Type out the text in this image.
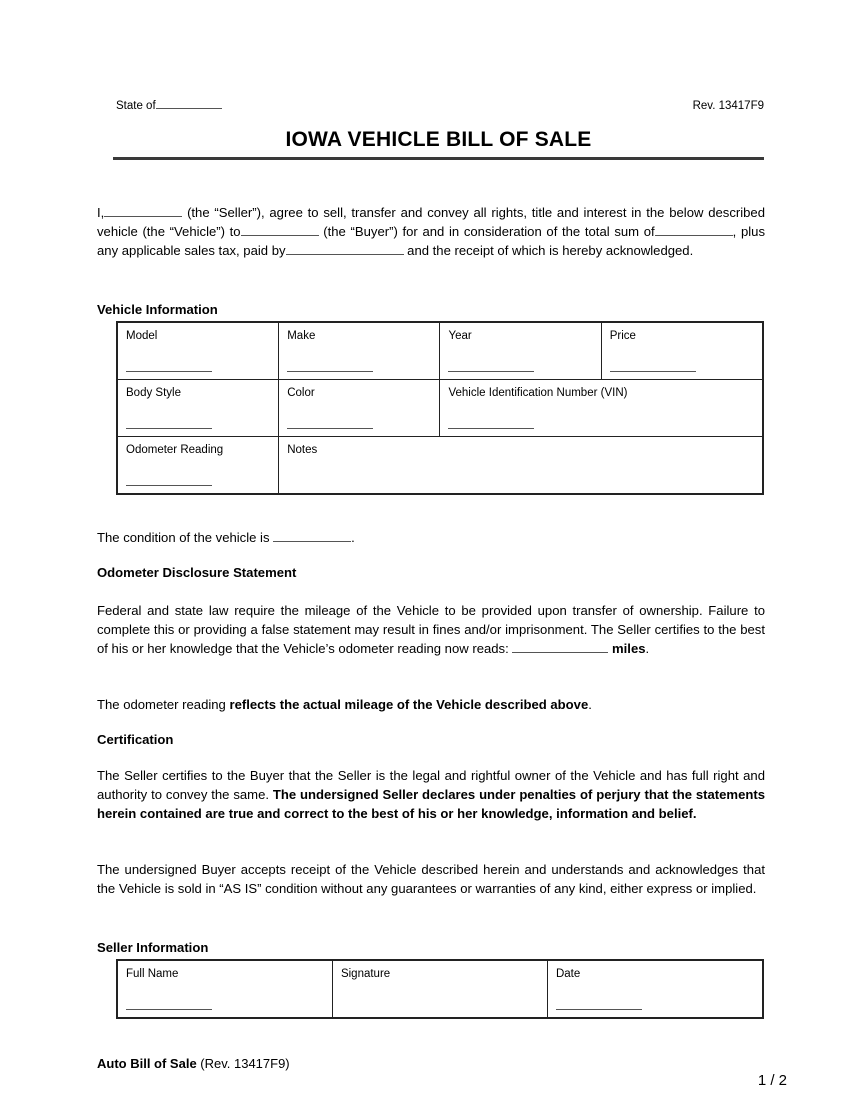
State of	Rev. 13417F9
IOWA VEHICLE BILL OF SALE
I,	(the “Seller”), agree to sell, transfer and convey all rights, title and interest in the below described vehicle (the “Vehicle”) to	(the “Buyer”) for and in consideration of the total sum of	, plus any applicable sales tax, paid by	and the receipt of which is hereby acknowledged.
Vehicle Information
Model	Make	Year	Price

Body Style	Color	Vehicle Identification Number (VIN)	

Odometer Reading	Notes		
The condition of the vehicle is	.
Odometer Disclosure Statement
Federal and state law require the mileage of the Vehicle to be provided upon transfer of ownership. Failure to complete this or providing a false statement may result in fines and/or imprisonment. The Seller certifies to the best of his or her knowledge that the Vehicle’s odometer reading now reads:	miles.
The odometer reading reflects the actual mileage of the Vehicle described above.
Certification
The Seller certifies to the Buyer that the Seller is the legal and rightful owner of the Vehicle and has full right and authority to convey the same. The undersigned Seller declares under penalties of perjury that the statements herein contained are true and correct to the best of his or her knowledge, information and belief.
The undersigned Buyer accepts receipt of the Vehicle described herein and understands and acknowledges that the Vehicle is sold in “AS IS” condition without any guarantees or warranties of any kind, either express or implied.
Seller Information
Full Name	Signature	Date
Auto Bill of Sale (Rev. 13417F9)
1 / 2
